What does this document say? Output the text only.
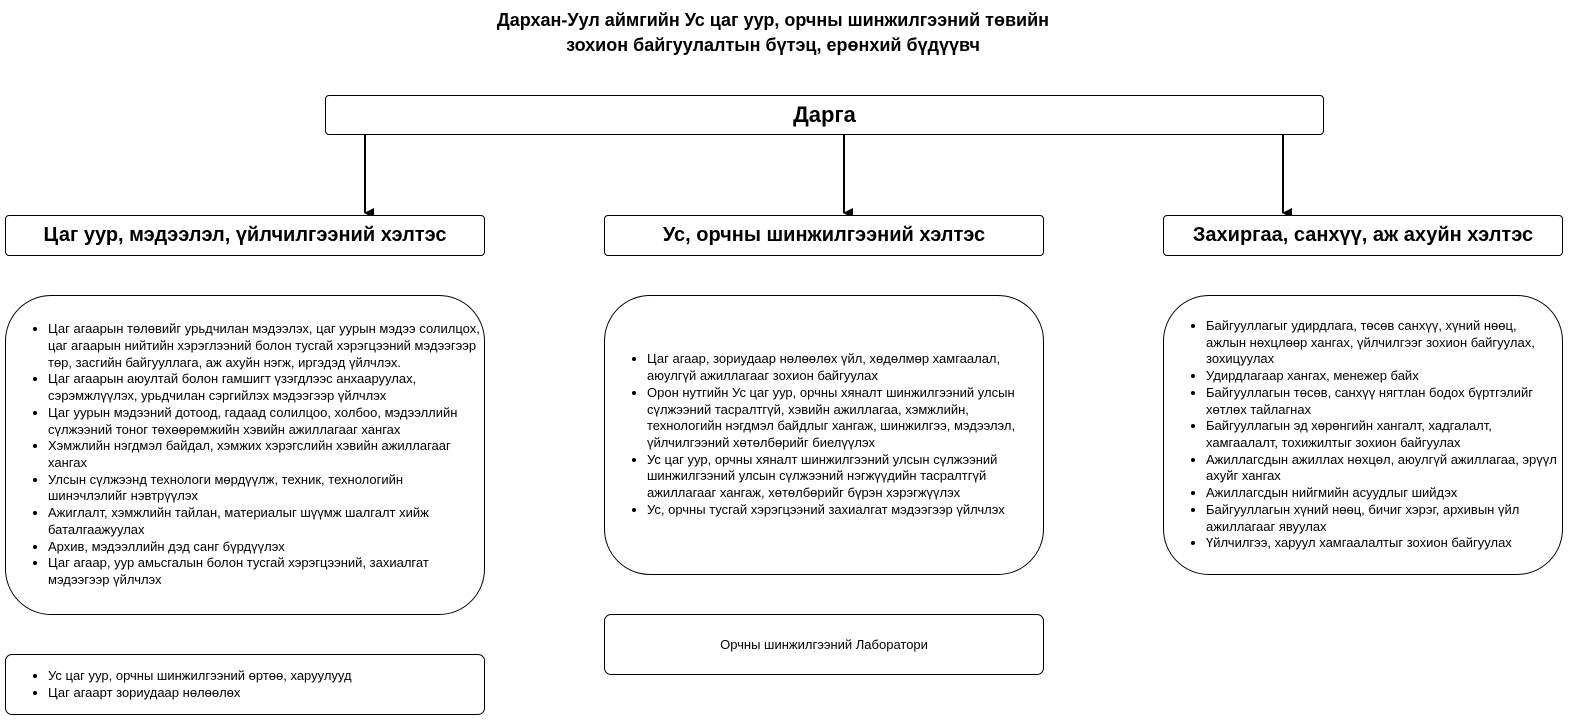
Дархан-Уул аймгийн Ус цаг уур, орчны шинжилгээний төвийн
зохион байгуулалтын бүтэц, ерөнхий бүдүүвч
Дарга
Цаг уур, мэдээлэл, үйлчилгээний хэлтэс	Ус, орчны шинжилгээний хэлтэс	Захиргаа, санхүү, аж ахуйн хэлтэс
• Цаг агаарын төлөвийг урьдчилан мэдээлэх, цаг уурын мэдээ солилцох, цаг агаарын нийтийн хэрэглээний болон тусгай хэрэгцээний мэдээгээр төр, засгийн байгууллага, аж ахуйн нэгж, иргэдэд үйлчлэх.
• Цаг агаарын аюултай болон гамшигт үзэгдлээс анхааруулах, сэрэмжлүүлэх, урьдчилан сэргийлэх мэдээгээр үйлчлэх
• Цаг уурын мэдээний дотоод, гадаад солилцоо, холбоо, мэдээллийн сүлжээний тоног төхөөрөмжийн хэвийн ажиллагааг хангах
• Хэмжлийн нэгдмэл байдал, хэмжих хэрэгслийн хэвийн ажиллагааг хангах
• Улсын сүлжээнд технологи мөрдүүлж, техник, технологийн шинэчлэлийг нэвтрүүлэх
• Ажиглалт, хэмжлийн тайлан, материалыг шүүмж шалгалт хийж баталгаажуулах
• Архив, мэдээллийн дэд санг бүрдүүлэх
• Цаг агаар, уур амьсгалын болон тусгай хэрэгцээний, захиалгат мэдээгээр үйлчлэх
• Цаг агаар, зориудаар нөлөөлөх үйл, хөдөлмөр хамгаалал, аюулгүй ажиллагааг зохион байгуулах
• Орон нутгийн Ус цаг уур, орчны хяналт шинжилгээний улсын сүлжээний тасралтгүй, хэвийн ажиллагаа, хэмжлийн, технологийн нэгдмэл байдлыг хангаж, шинжилгээ, мэдээлэл, үйлчилгээний хөтөлбөрийг биелүүлэх
• Ус цаг уур, орчны хяналт шинжилгээний улсын сүлжээний шинжилгээний улсын сүлжээний нэгжүүдийн тасралтгүй ажиллагааг хангаж, хөтөлбөрийг бүрэн хэрэгжүүлэх
• Ус, орчны тусгай хэрэгцээний захиалгат мэдээгээр үйлчлэх
• Байгууллагыг удирдлага, төсөв санхүү, хүний нөөц, ажлын нөхцлөөр хангах, үйлчилгээг зохион байгуулах, зохицуулах
• Удирдлагаар хангах, менежер байх
• Байгууллагын төсөв, санхүү нягтлан бодох бүртгэлийг хөтлөх тайлагнах
• Байгууллагын эд хөрөнгийн хангалт, хадгалалт, хамгаалалт, тохижилтыг зохион байгуулах
• Ажиллагсдын ажиллах нөхцөл, аюулгүй ажиллагаа, эрүүл ахуйг хангах
• Ажиллагсдын нийгмийн асуудлыг шийдэх
• Байгууллагын хүний нөөц, бичиг хэрэг, архивын үйл ажиллагааг явуулах
• Үйлчилгээ, харуул хамгаалалтыг зохион байгуулах
• Ус цаг уур, орчны шинжилгээний өртөө, харуулууд
• Цаг агаарт зориудаар нөлөөлөх
Орчны шинжилгээний Лаборатори
